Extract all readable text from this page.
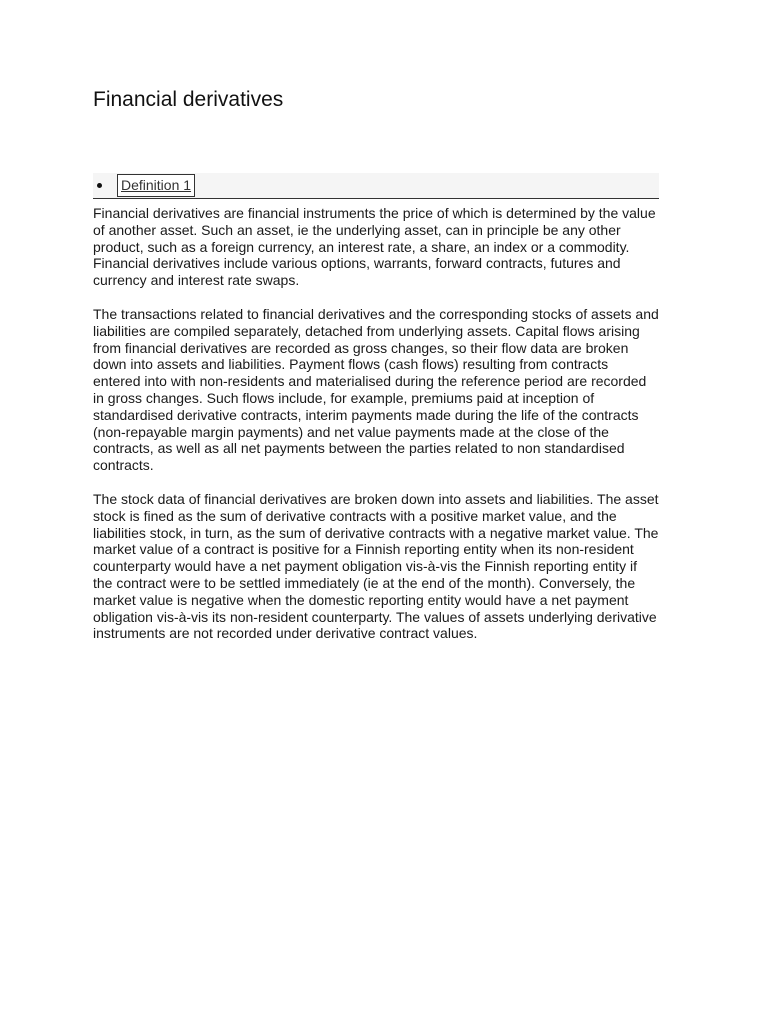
Financial derivatives
Definition 1

Financial derivatives are financial instruments the price of which is determined by the value of another asset. Such an asset, ie the underlying asset, can in principle be any other product, such as a foreign currency, an interest rate, a share, an index or a commodity. Financial derivatives include various options, warrants, forward contracts, futures and currency and interest rate swaps.

The transactions related to financial derivatives and the corresponding stocks of assets and liabilities are compiled separately, detached from underlying assets. Capital flows arising from financial derivatives are recorded as gross changes, so their flow data are broken down into assets and liabilities. Payment flows (cash flows) resulting from contracts entered into with non-residents and materialised during the reference period are recorded in gross changes. Such flows include, for example, premiums paid at inception of standardised derivative contracts, interim payments made during the life of the contracts (non-repayable margin payments) and net value payments made at the close of the contracts, as well as all net payments between the parties related to non standardised contracts.

The stock data of financial derivatives are broken down into assets and liabilities. The asset stock is fined as the sum of derivative contracts with a positive market value, and the liabilities stock, in turn, as the sum of derivative contracts with a negative market value. The market value of a contract is positive for a Finnish reporting entity when its non-resident counterparty would have a net payment obligation vis-à-vis the Finnish reporting entity if the contract were to be settled immediately (ie at the end of the month). Conversely, the market value is negative when the domestic reporting entity would have a net payment obligation vis-à-vis its non-resident counterparty. The values of assets underlying derivative instruments are not recorded under derivative contract values.
